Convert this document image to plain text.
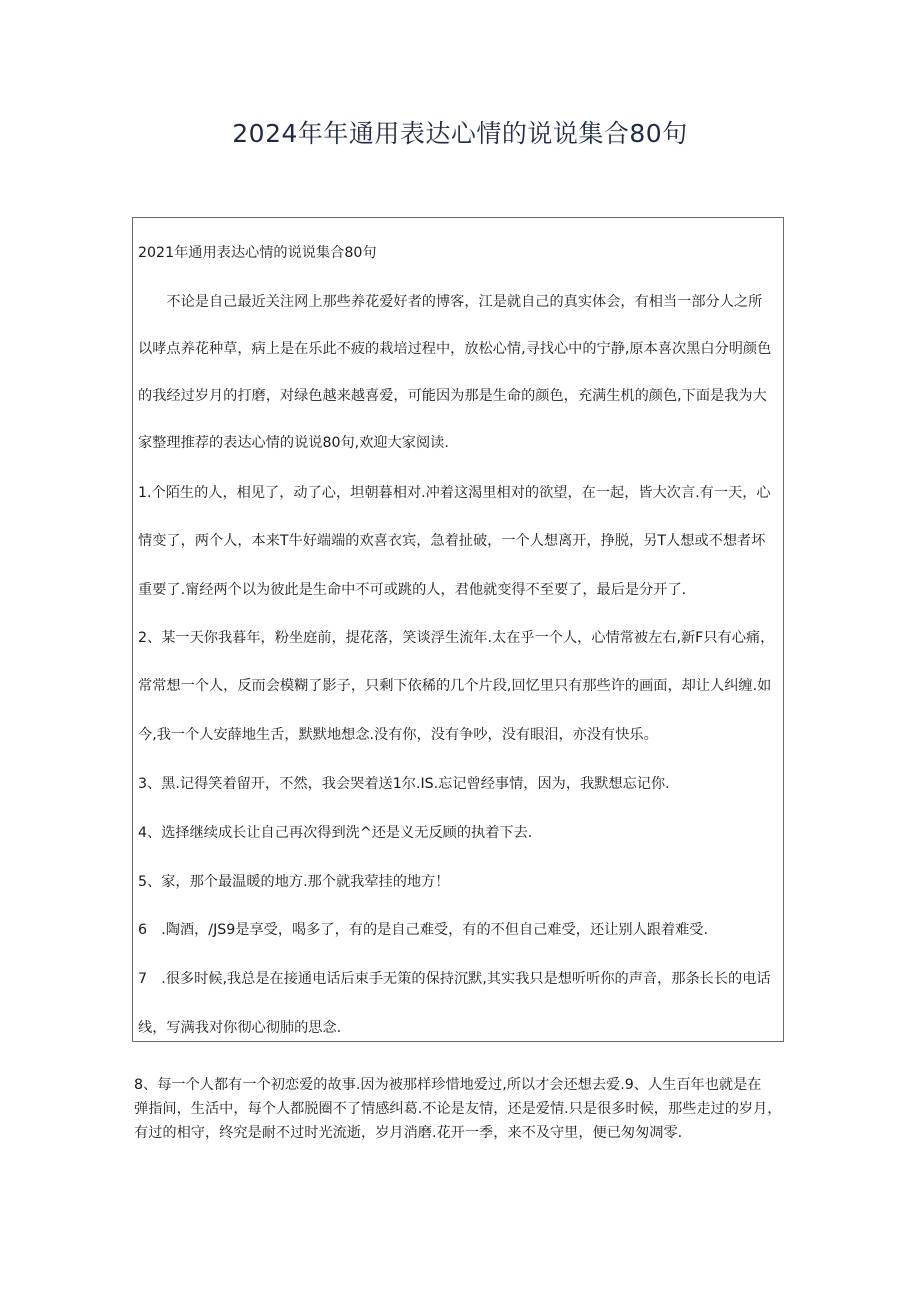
2024年年通用表达心情的说说集合80句

2021年通用表达心情的说说集合80句

　　不论是自己最近关注网上那些养花爱好者的博客，江是就自己的真实体会，有相当一部分人之所

以哮点养花种草，病上是在乐此不疲的栽培过程中，放松心情,寻找心中的宁静,原本喜次黑白分明颜色

的我经过岁月的打磨，对绿色越来越喜爱，可能因为那是生命的颜色，充满生机的颜色,下面是我为大

家整理推荐的表达心情的说说80句,欢迎大家阅读.

1.个陌生的人，相见了，动了心，坦朝暮相对.冲着这渴里相对的欲望，在一起，皆大次言.有一天，心

情变了，两个人，本来T牛好端端的欢喜衣宾，急着扯破，一个人想离开，挣脱，另T人想或不想者坏

重要了.甯经两个以为彼此是生命中不可或跳的人，君他就变得不至要了，最后是分开了.

2、某一天你我暮年，粉坐庭前，提花落，笑谈浮生流年.太在乎一个人，心情常被左右,新F只有心痛，

常常想一个人，反而会模糊了影子，只剩下依稀的几个片段,回忆里只有那些许的画面，却让人纠缠.如

今,我一个人安薛地生舌，默默地想念.没有你，没有争吵，没有眼泪，亦没有快乐。

3、黑.记得笑着留开，不然，我会哭着送1尔.IS.忘记曾经事情，因为，我默想忘记你.

4、选择继续成长让自己再次得到洗^还是义无反顾的执着下去.

5、家，那个最温暖的地方.那个就我荤挂的地方！

6　.陶酒，/JS9是享受，喝多了，有的是自己难受，有的不但自己难受，还让别人跟着难受.

7　.很多时候,我总是在接通电话后束手无策的保持沉默,其实我只是想听听你的声音，那条长长的电话

线，写满我对你彻心彻肺的思念.

8、每一个人都有一个初恋爱的故事.因为被那样珍惜地爱过,所以才会还想去爱.9、人生百年也就是在

弹指间，生活中，每个人都脱圈不了情感纠葛.不论是友情，还是爱情.只是很多时候，那些走过的岁月，

有过的相守，终究是耐不过时光流逝，岁月消磨.花开一季，来不及守里，便已匆匆凋零.
